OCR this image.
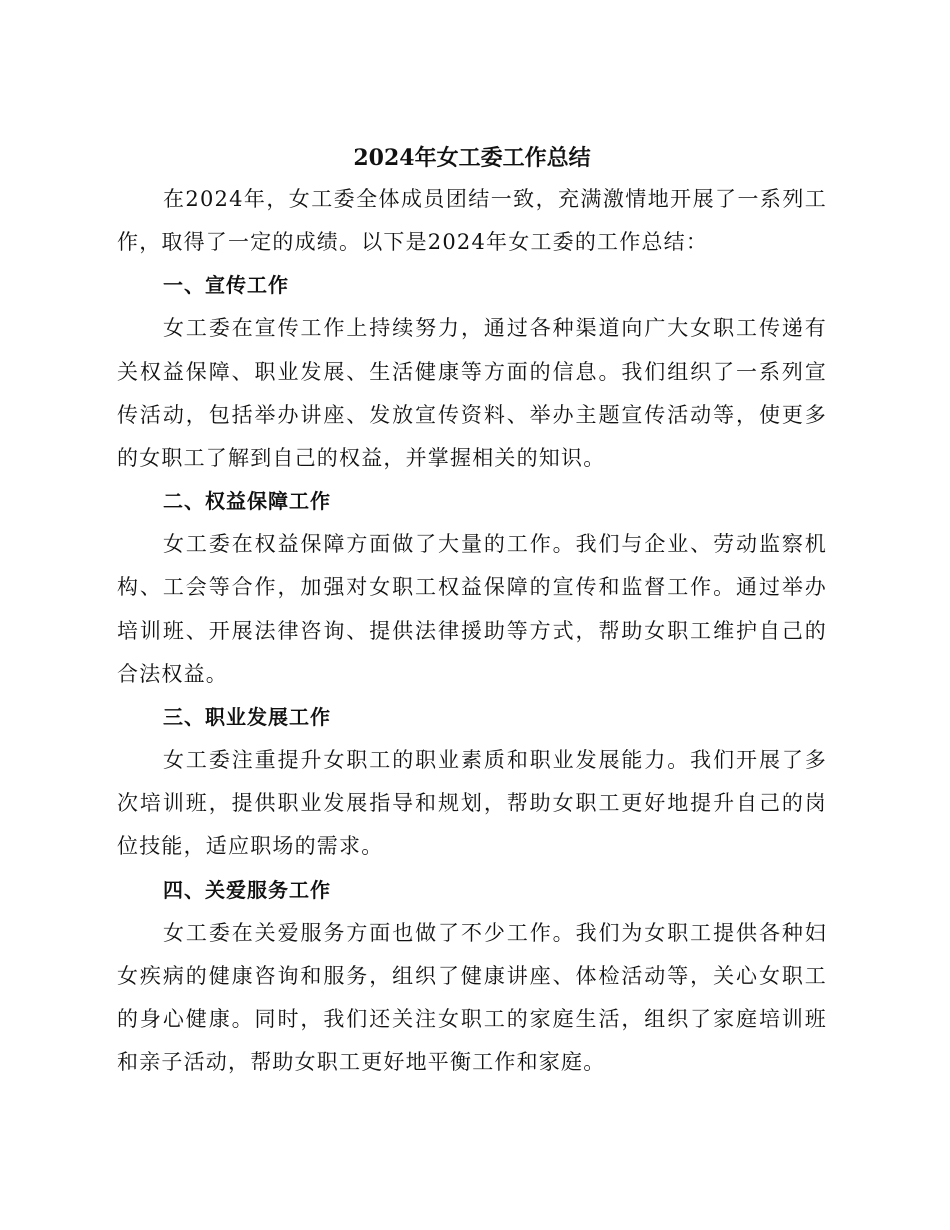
2024年女工委工作总结

在2024年，女工委全体成员团结一致，充满激情地开展了一系列工作，取得了一定的成绩。以下是2024年女工委的工作总结：

一、宣传工作

女工委在宣传工作上持续努力，通过各种渠道向广大女职工传递有关权益保障、职业发展、生活健康等方面的信息。我们组织了一系列宣传活动，包括举办讲座、发放宣传资料、举办主题宣传活动等，使更多的女职工了解到自己的权益，并掌握相关的知识。

二、权益保障工作

女工委在权益保障方面做了大量的工作。我们与企业、劳动监察机构、工会等合作，加强对女职工权益保障的宣传和监督工作。通过举办培训班、开展法律咨询、提供法律援助等方式，帮助女职工维护自己的合法权益。

三、职业发展工作

女工委注重提升女职工的职业素质和职业发展能力。我们开展了多次培训班，提供职业发展指导和规划，帮助女职工更好地提升自己的岗位技能，适应职场的需求。

四、关爱服务工作

女工委在关爱服务方面也做了不少工作。我们为女职工提供各种妇女疾病的健康咨询和服务，组织了健康讲座、体检活动等，关心女职工的身心健康。同时，我们还关注女职工的家庭生活，组织了家庭培训班和亲子活动，帮助女职工更好地平衡工作和家庭。
